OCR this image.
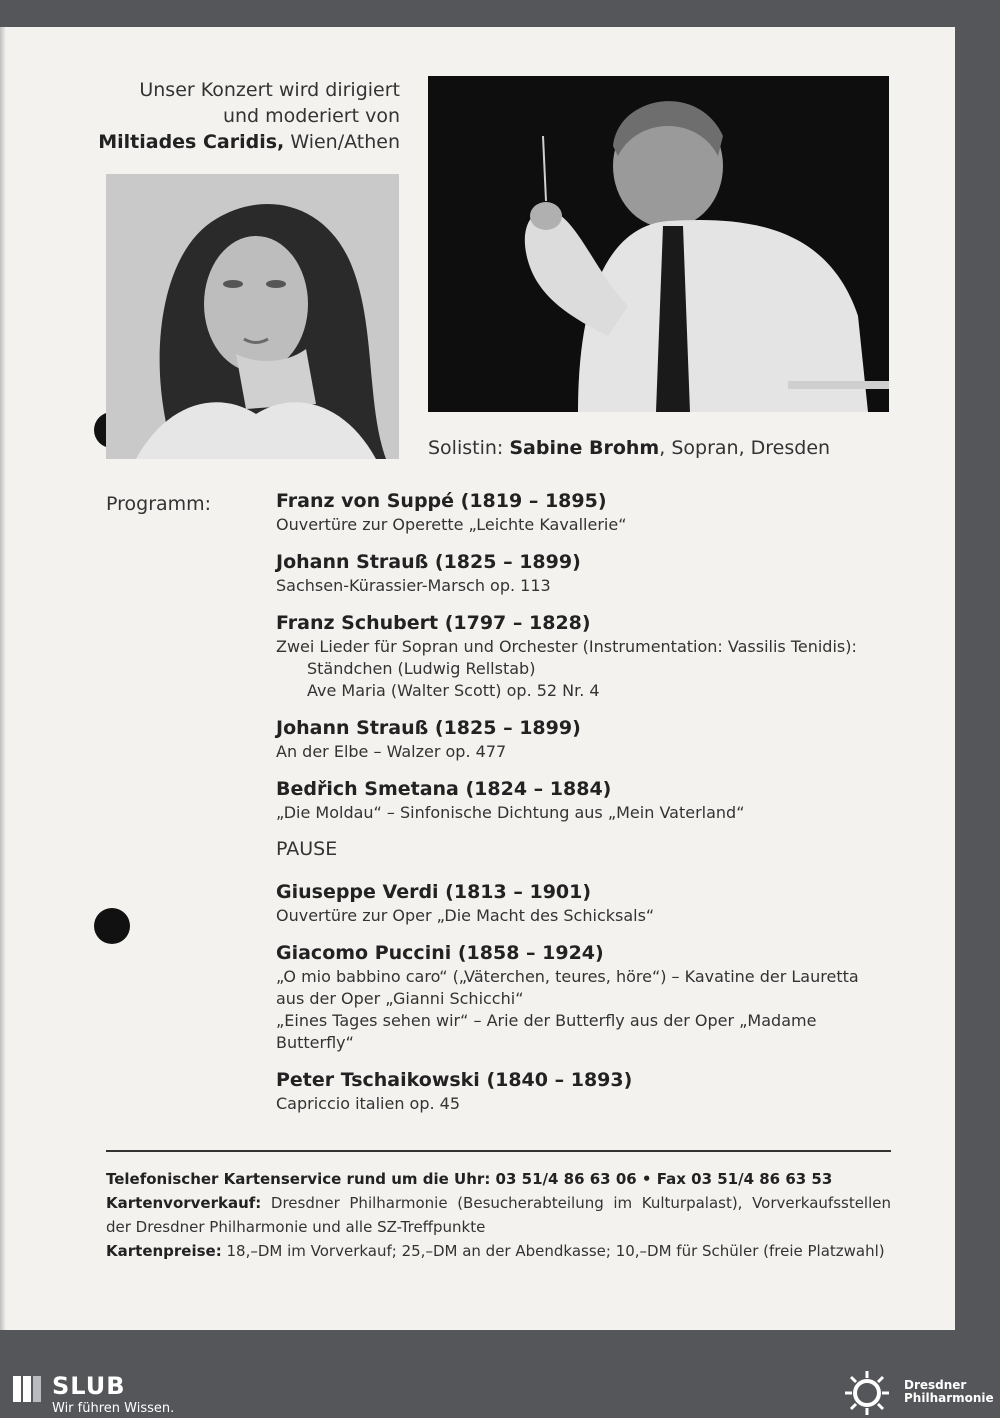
Unser Konzert wird dirigiert
und moderiert von
Miltiades Caridis, Wien/Athen
Solistin: Sabine Brohm, Sopran, Dresden
Programm:	Franz von Suppé (1819 – 1895)
Ouvertüre zur Operette „Leichte Kavallerie“
Johann Strauß (1825 – 1899)
Sachsen-Kürassier-Marsch op. 113
Franz Schubert (1797 – 1828)
Zwei Lieder für Sopran und Orchester (Instrumentation: Vassilis Tenidis):
Ständchen (Ludwig Rellstab)
Ave Maria (Walter Scott) op. 52 Nr. 4
Johann Strauß (1825 – 1899)
An der Elbe – Walzer op. 477
Bedřich Smetana (1824 – 1884)
„Die Moldau“ – Sinfonische Dichtung aus „Mein Vaterland“
PAUSE
Giuseppe Verdi (1813 – 1901)
Ouvertüre zur Oper „Die Macht des Schicksals“
Giacomo Puccini (1858 – 1924)
„O mio babbino caro“ („Väterchen, teures, höre“) – Kavatine der Lauretta
aus der Oper „Gianni Schicchi“
„Eines Tages sehen wir“ – Arie der Butterfly aus der Oper „Madame Butterfly“
Peter Tschaikowski (1840 – 1893)
Capriccio italien op. 45
Telefonischer Kartenservice rund um die Uhr: 03 51/4 86 63 06 • Fax 03 51/4 86 63 53
Kartenvorverkauf: Dresdner Philharmonie (Besucherabteilung im Kulturpalast), Vorverkaufsstellen der Dresdner Philharmonie und alle SZ-Treffpunkte
Kartenpreise: 18,–DM im Vorverkauf; 25,–DM an der Abendkasse; 10,–DM für Schüler (freie Platzwahl)
SLUB
Wir führen Wissen.
Dresdner
Philharmonie
